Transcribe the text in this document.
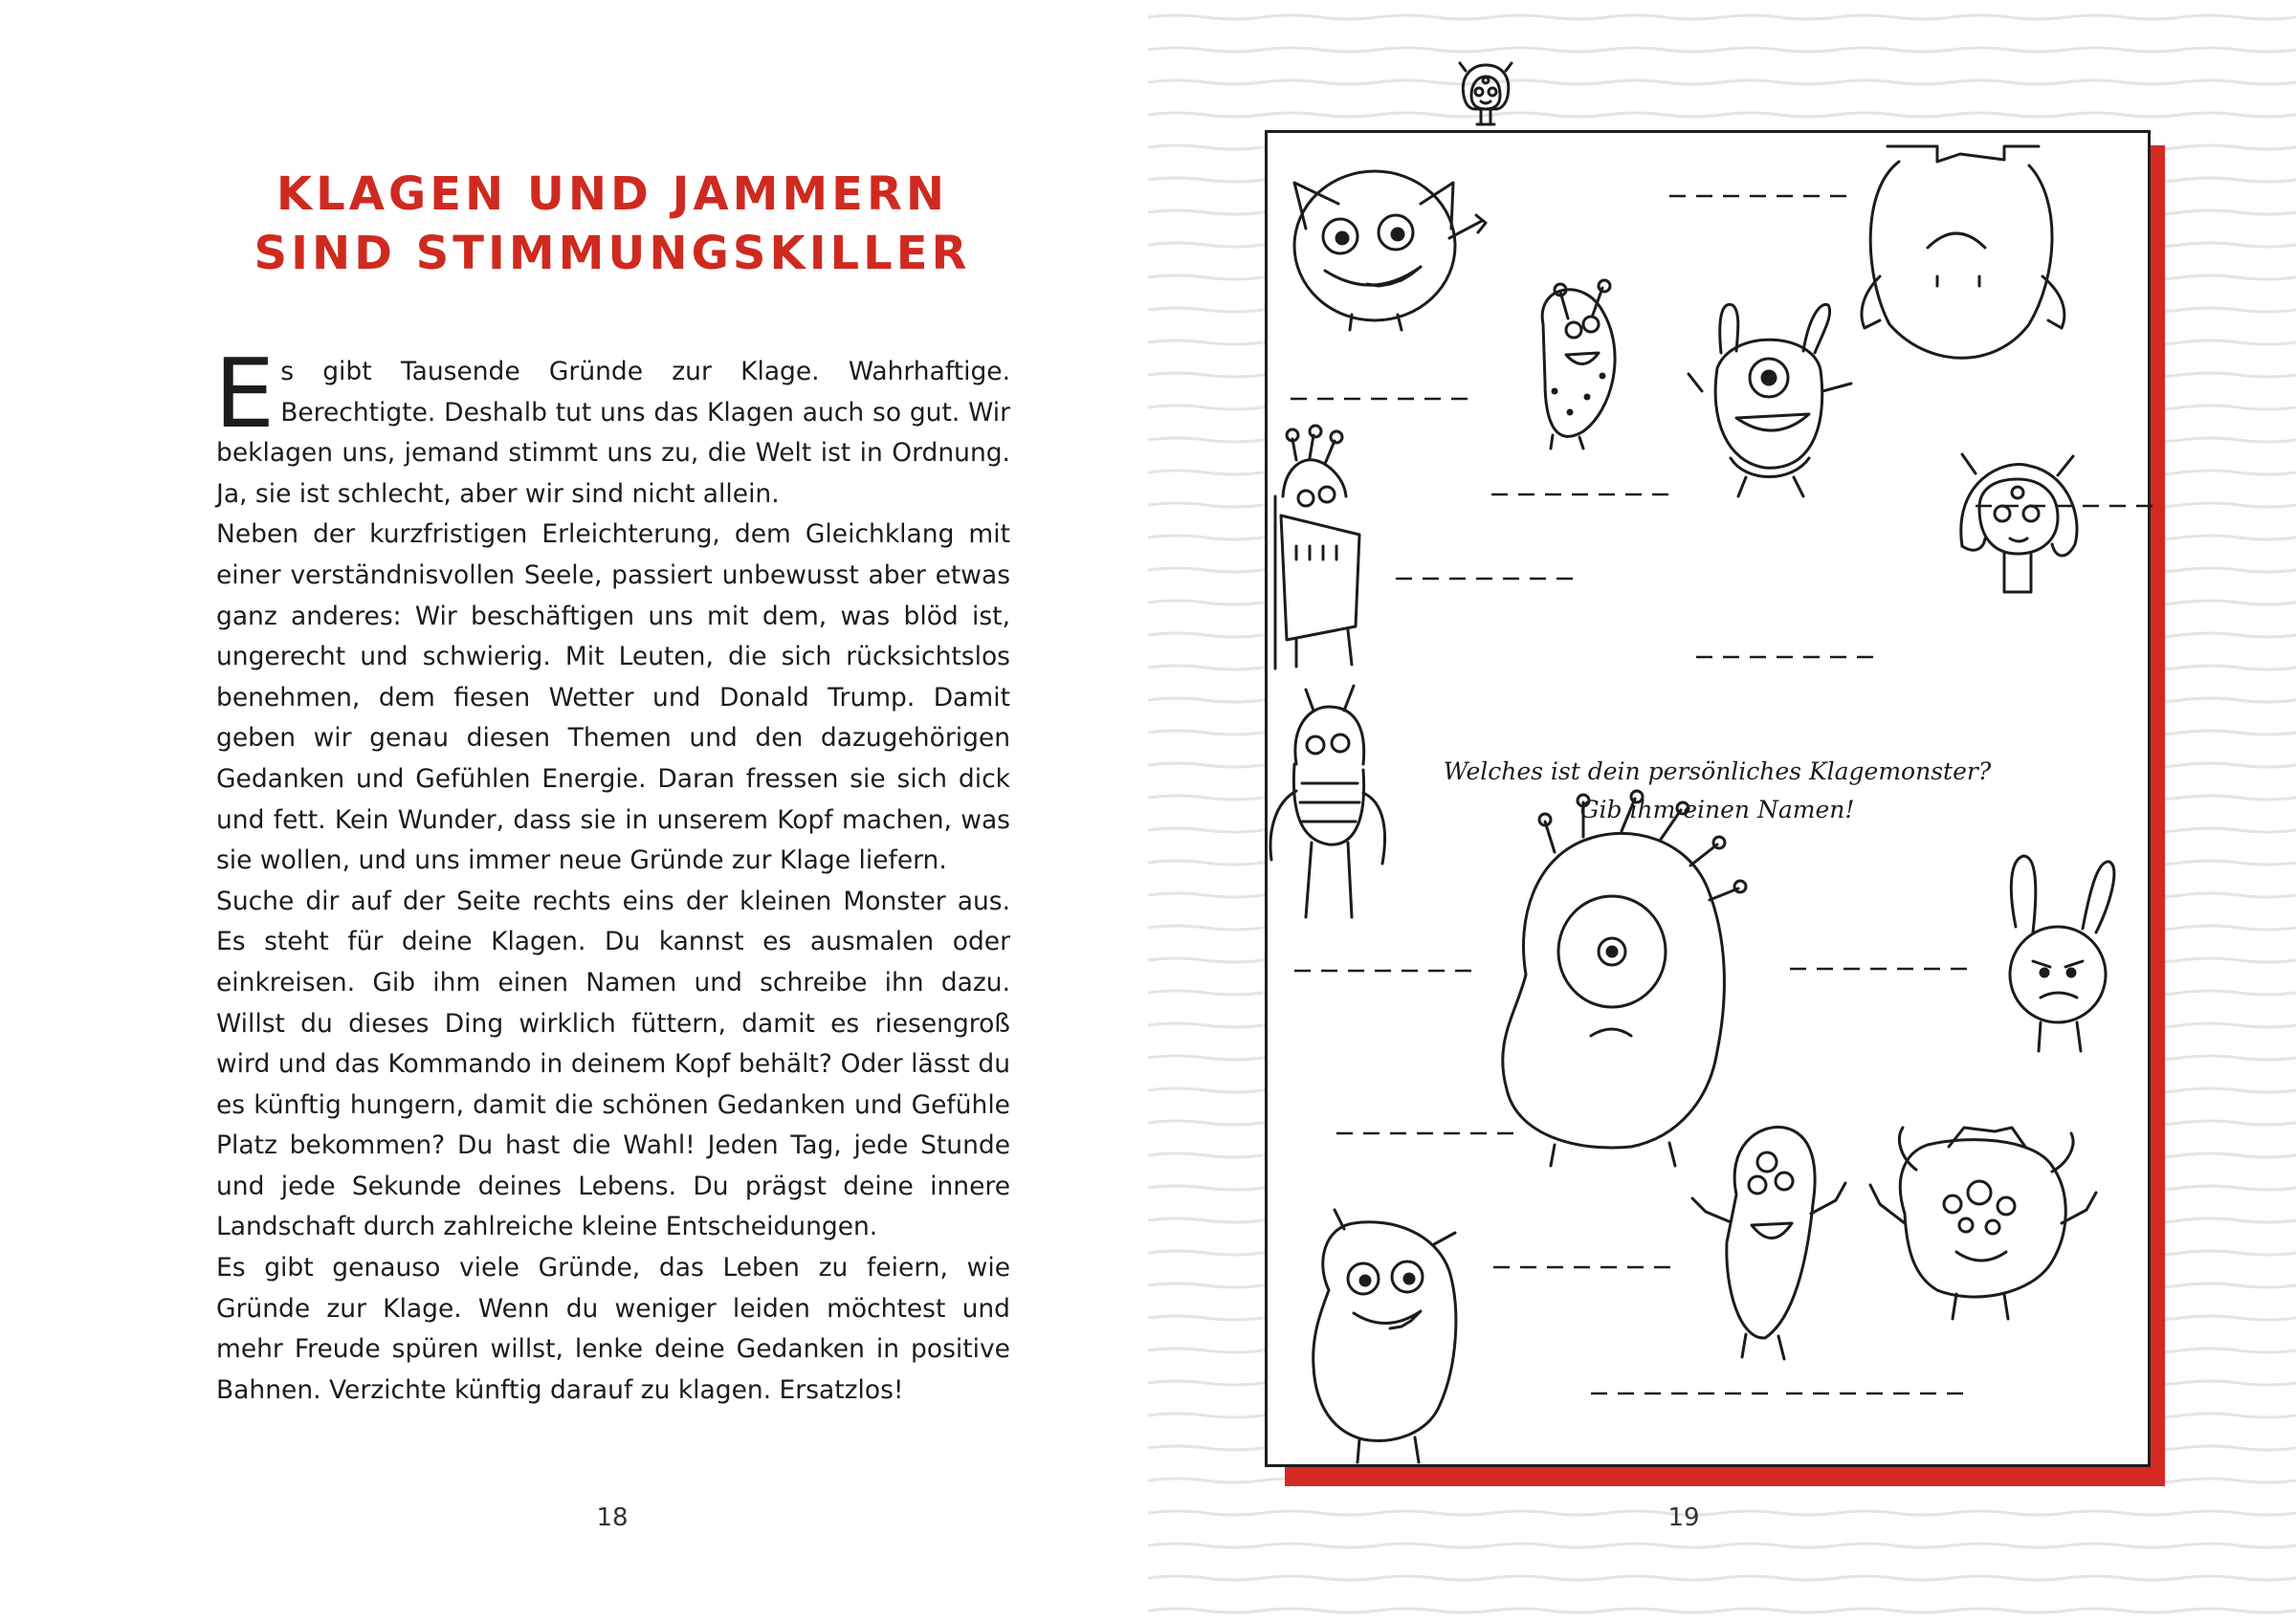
KLAGEN UND JAMMERN
SIND STIMMUNGSKILLER

Es gibt Tausende Gründe zur Klage. Wahrhaftige. Berechtigte. Deshalb tut uns das Klagen auch so gut. Wir beklagen uns, jemand stimmt uns zu, die Welt ist in Ordnung. Ja, sie ist schlecht, aber wir sind nicht allein.

Neben der kurzfristigen Erleichterung, dem Gleichklang mit einer verständnisvollen Seele, passiert unbewusst aber etwas ganz anderes: Wir beschäftigen uns mit dem, was blöd ist, ungerecht und schwierig. Mit Leuten, die sich rücksichtslos benehmen, dem fiesen Wetter und Donald Trump. Damit geben wir genau diesen Themen und den dazugehörigen Gedanken und Gefühlen Energie. Daran fressen sie sich dick und fett. Kein Wunder, dass sie in unserem Kopf machen, was sie wollen, und uns immer neue Gründe zur Klage liefern.

Suche dir auf der Seite rechts eins der kleinen Monster aus. Es steht für deine Klagen. Du kannst es ausmalen oder einkreisen. Gib ihm einen Namen und schreibe ihn dazu. Willst du dieses Ding wirklich füttern, damit es riesengroß wird und das Kommando in deinem Kopf behält? Oder lässt du es künftig hungern, damit die schönen Gedanken und Gefühle Platz bekommen? Du hast die Wahl! Jeden Tag, jede Stunde und jede Sekunde deines Lebens. Du prägst deine innere Landschaft durch zahlreiche kleine Entscheidungen.

Es gibt genauso viele Gründe, das Leben zu feiern, wie Gründe zur Klage. Wenn du weniger leiden möchtest und mehr Freude spüren willst, lenke deine Gedanken in positive Bahnen. Verzichte künftig darauf zu klagen. Ersatzlos!

18
Welches ist dein persönliches Klagemonster?
Gib ihm einen Namen!
19
